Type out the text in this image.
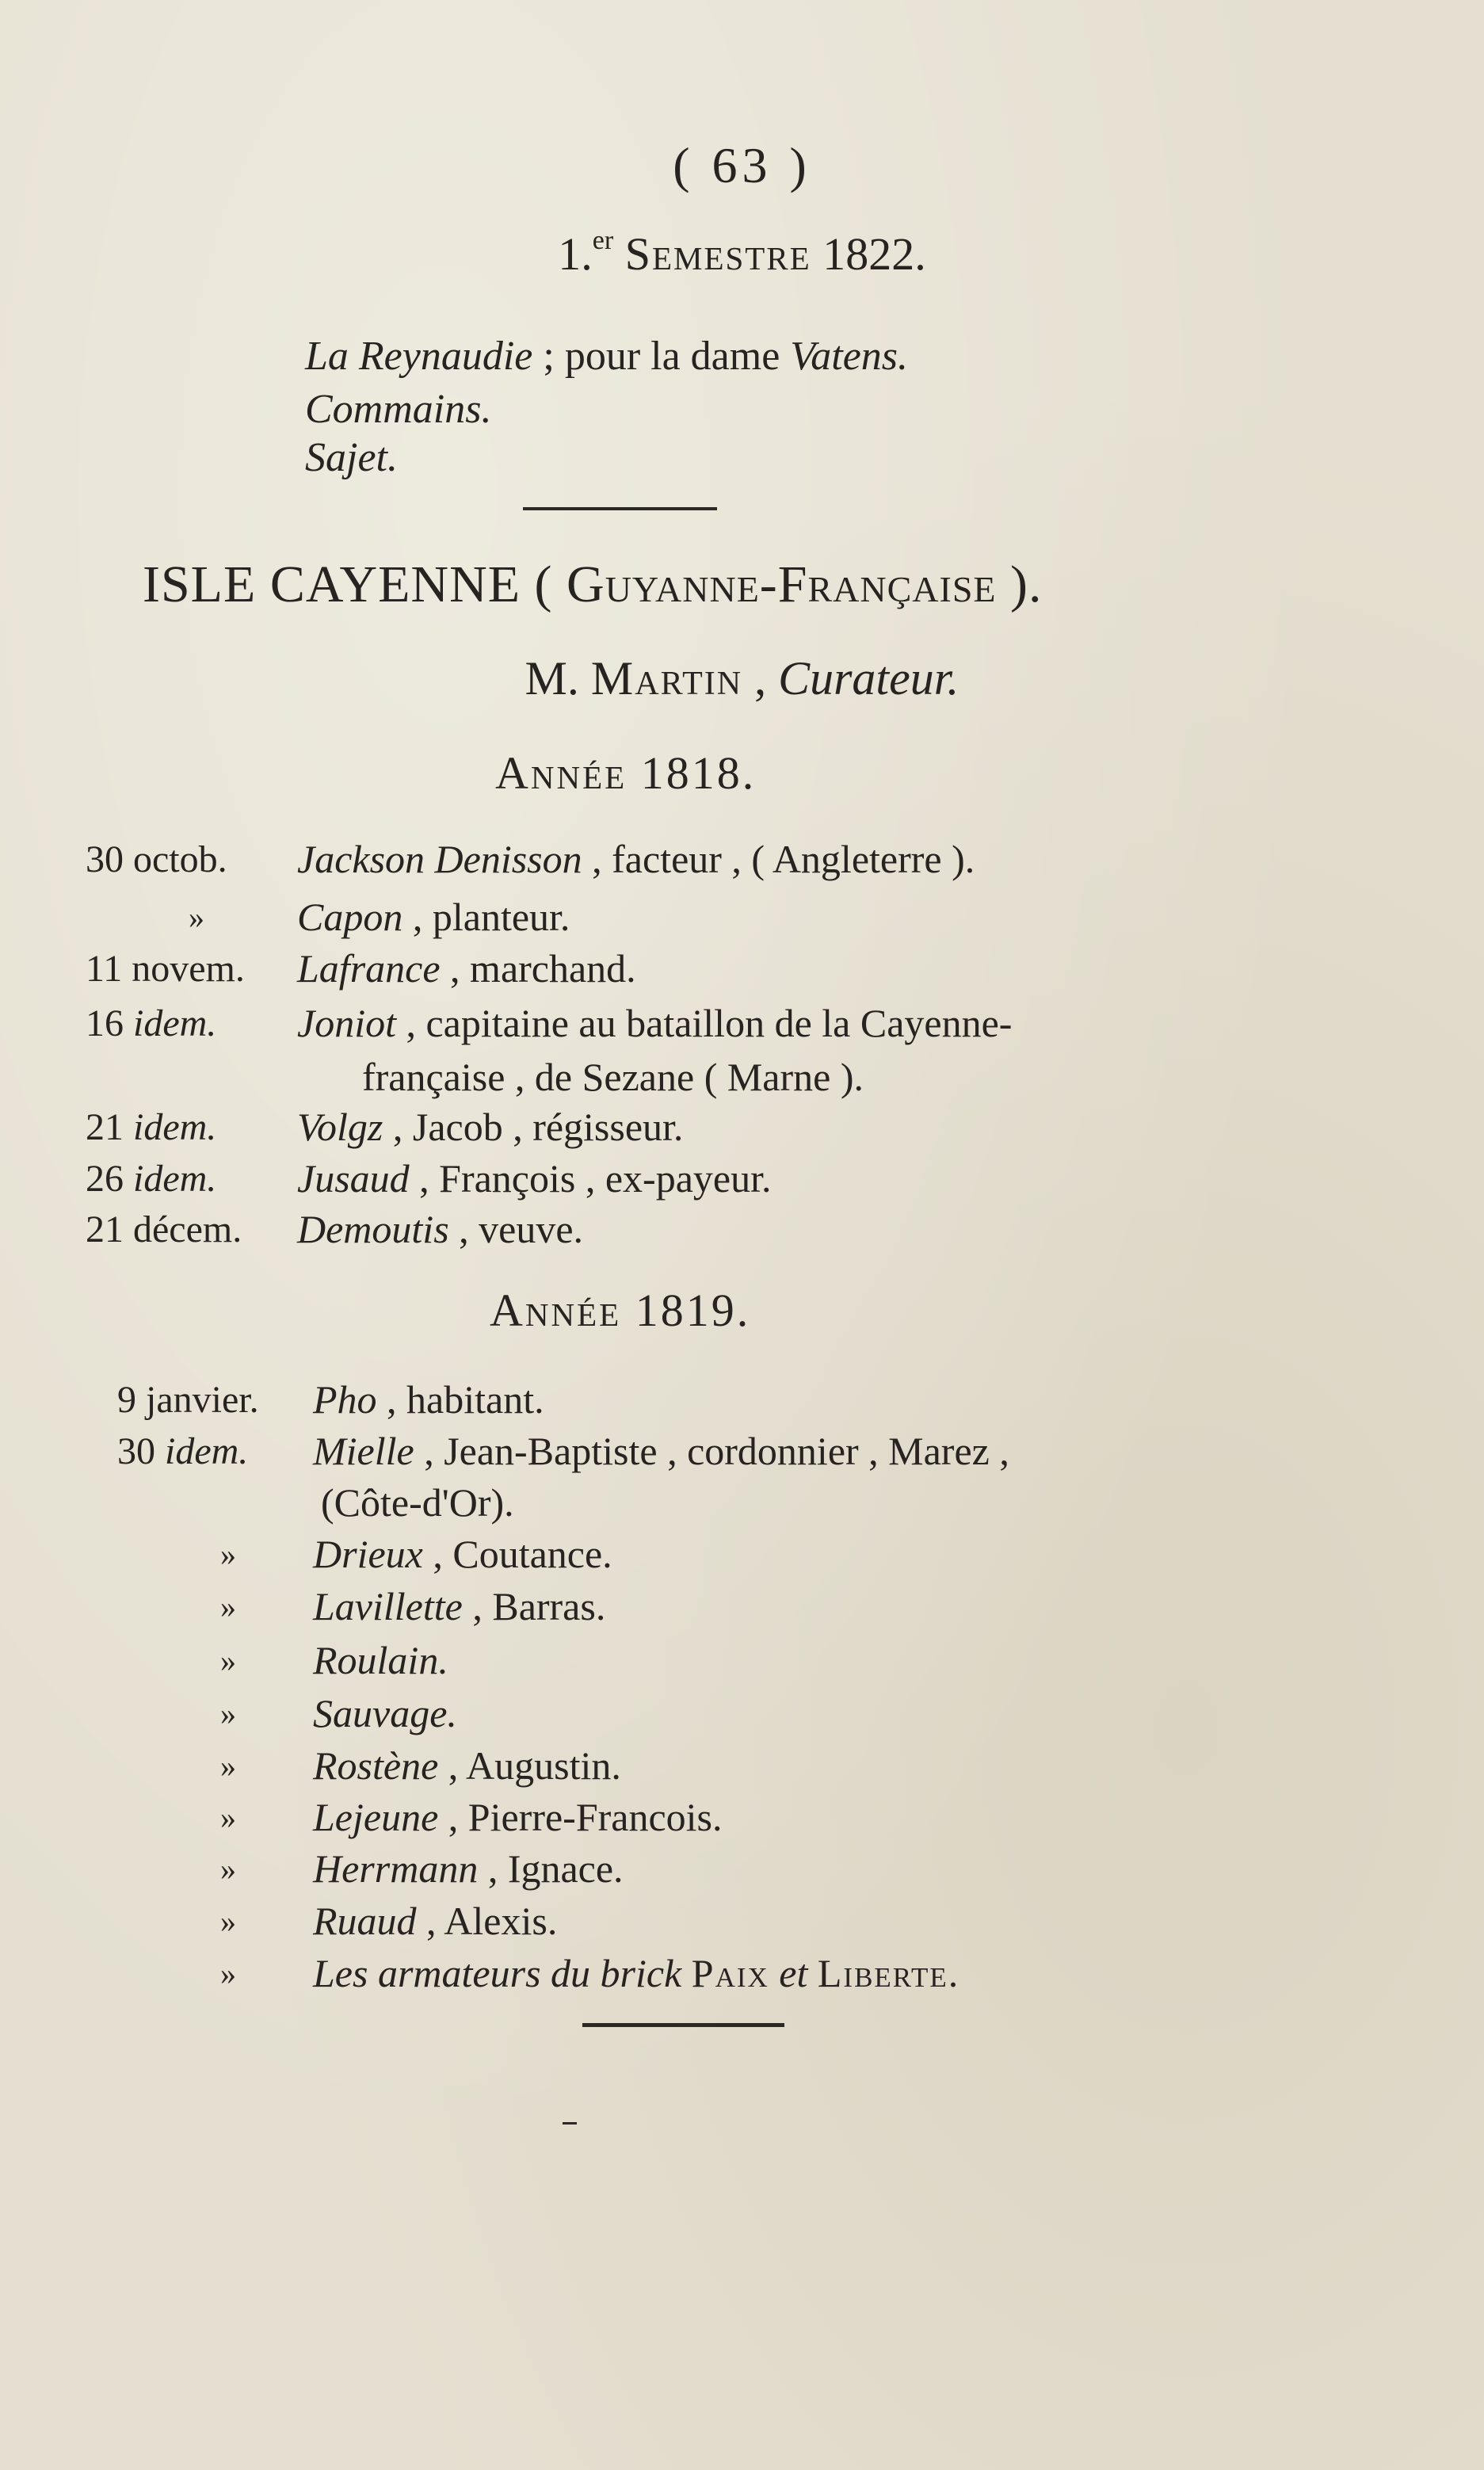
( 63 )
1.$^{er}$ Semestre 1822.
La Reynaudie ; pour la dame Vatens.
Commains.
Sajet.
ISLE CAYENNE ( Guyanne-Française ).
M. Martin , Curateur.
Année 1818.
30 octob. Jackson Denisson , facteur , ( Angleterre ).
» Capon , planteur.
11 novem. Lafrance , marchand.
16 idem. Joniot , capitaine au bataillon de la Cayenne-
française , de Sezane ( Marne ).
21 idem. Volgz , Jacob , régisseur.
26 idem. Jusaud , François , ex-payeur.
21 décem. Demoutis , veuve.
Année 1819.
9 janvier. Pho , habitant.
30 idem. Mielle , Jean-Baptiste , cordonnier , Marez ,
(Côte-d'Or).
» Drieux , Coutance.
» Lavillette , Barras.
» Roulain.
» Sauvage.
» Rostène , Augustin.
» Lejeune , Pierre-Francois.
» Herrmann , Ignace.
» Ruaud , Alexis.
» Les armateurs du brick Paix et Liberte.
